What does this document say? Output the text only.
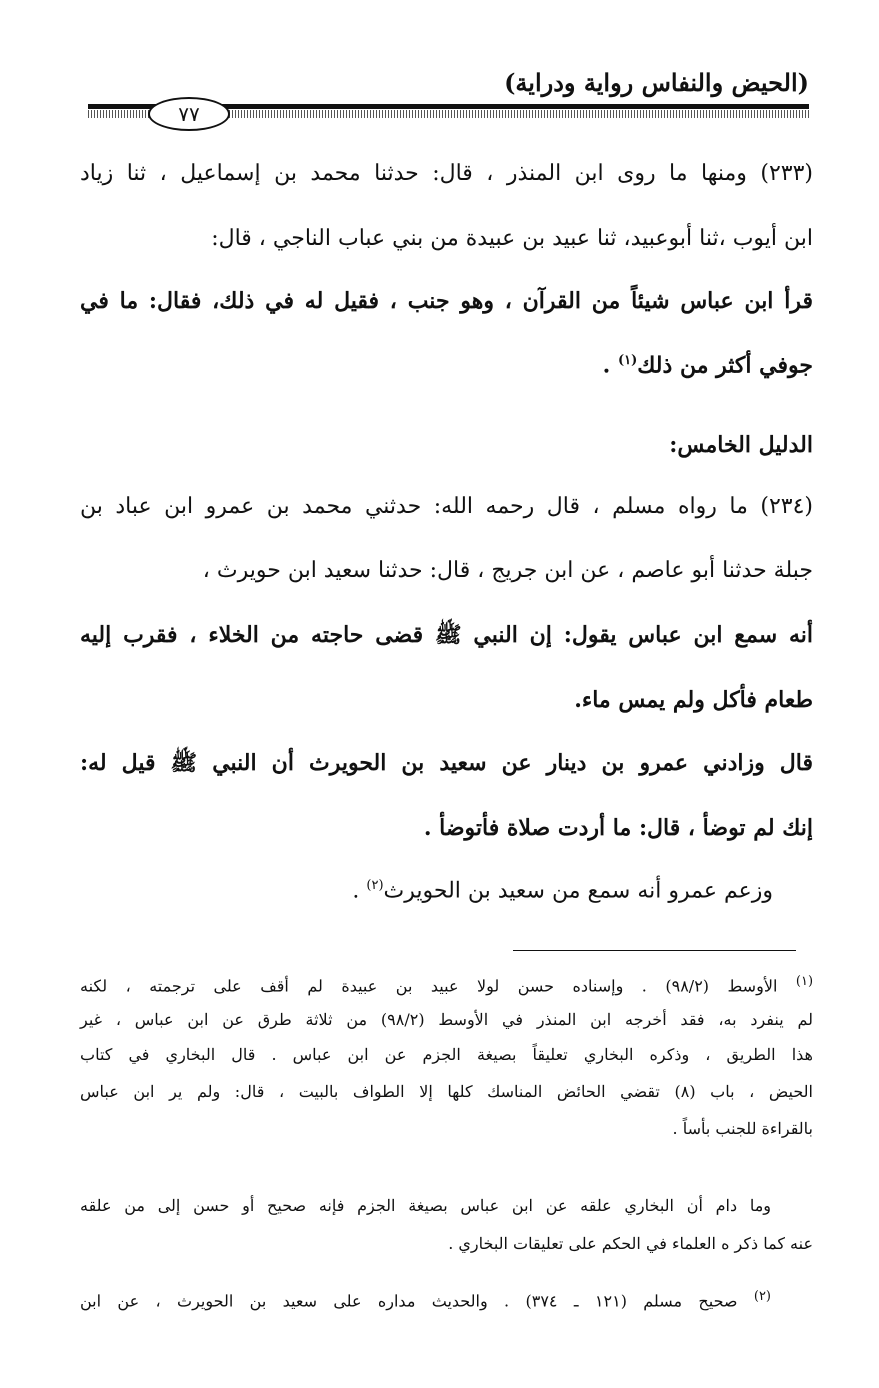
(الحيض والنفاس رواية ودراية)
٧٧
(٢٣٣) ومنها ما روى ابن المنذر ، قال: حدثنا محمد بن إسماعيل ، ثنا زياد
ابن أيوب ،ثنا أبوعبيد، ثنا عبيد بن عبيدة من بني عباب الناجي ، قال:
قرأ ابن عباس شيئاً من القرآن ، وهو جنب ، فقيل له في ذلك، فقال: ما في
جوفي أكثر من ذلك$^{(١)}$ .
الدليل الخامس:
(٢٣٤) ما رواه مسلم ، قال رحمه الله: حدثني محمد بن عمرو ابن عباد بن
جبلة حدثنا أبو عاصم ، عن ابن جريج ، قال: حدثنا سعيد ابن حويرث ،
أنه سمع ابن عباس يقول: إن النبي ﷺ قضى حاجته من الخلاء ، فقرب إليه
طعام فأكل ولم يمس ماء.
قال وزادني عمرو بن دينار عن سعيد بن الحويرث أن النبي ﷺ قيل له:
إنك لم توضأ ، قال: ما أردت صلاة فأتوضأ .
وزعم عمرو أنه سمع من سعيد بن الحويرث$^{(٢)}$ .
$^{(١)}$ الأوسط (٩٨/٢) . وإسناده حسن لولا عبيد بن عبيدة لم أقف على ترجمته ، لكنه
لم ينفرد به، فقد أخرجه ابن المنذر في الأوسط (٩٨/٢) من ثلاثة طرق عن ابن عباس ، غير
هذا الطريق ، وذكره البخاري تعليقاً بصيغة الجزم عن ابن عباس . قال البخاري في كتاب
الحيض ، باب (٨) تقضي الحائض المناسك كلها إلا الطواف بالبيت ، قال: ولم ير ابن عباس
بالقراءة للجنب بأساً .
وما دام أن البخاري علقه عن ابن عباس بصيغة الجزم فإنه صحيح أو حسن إلى من علقه
عنه كما ذكر ه العلماء في الحكم على تعليقات البخاري .
$^{(٢)}$ صحيح مسلم (١٢١ ـ ٣٧٤) . والحديث مداره على سعيد بن الحويرث ، عن ابن
